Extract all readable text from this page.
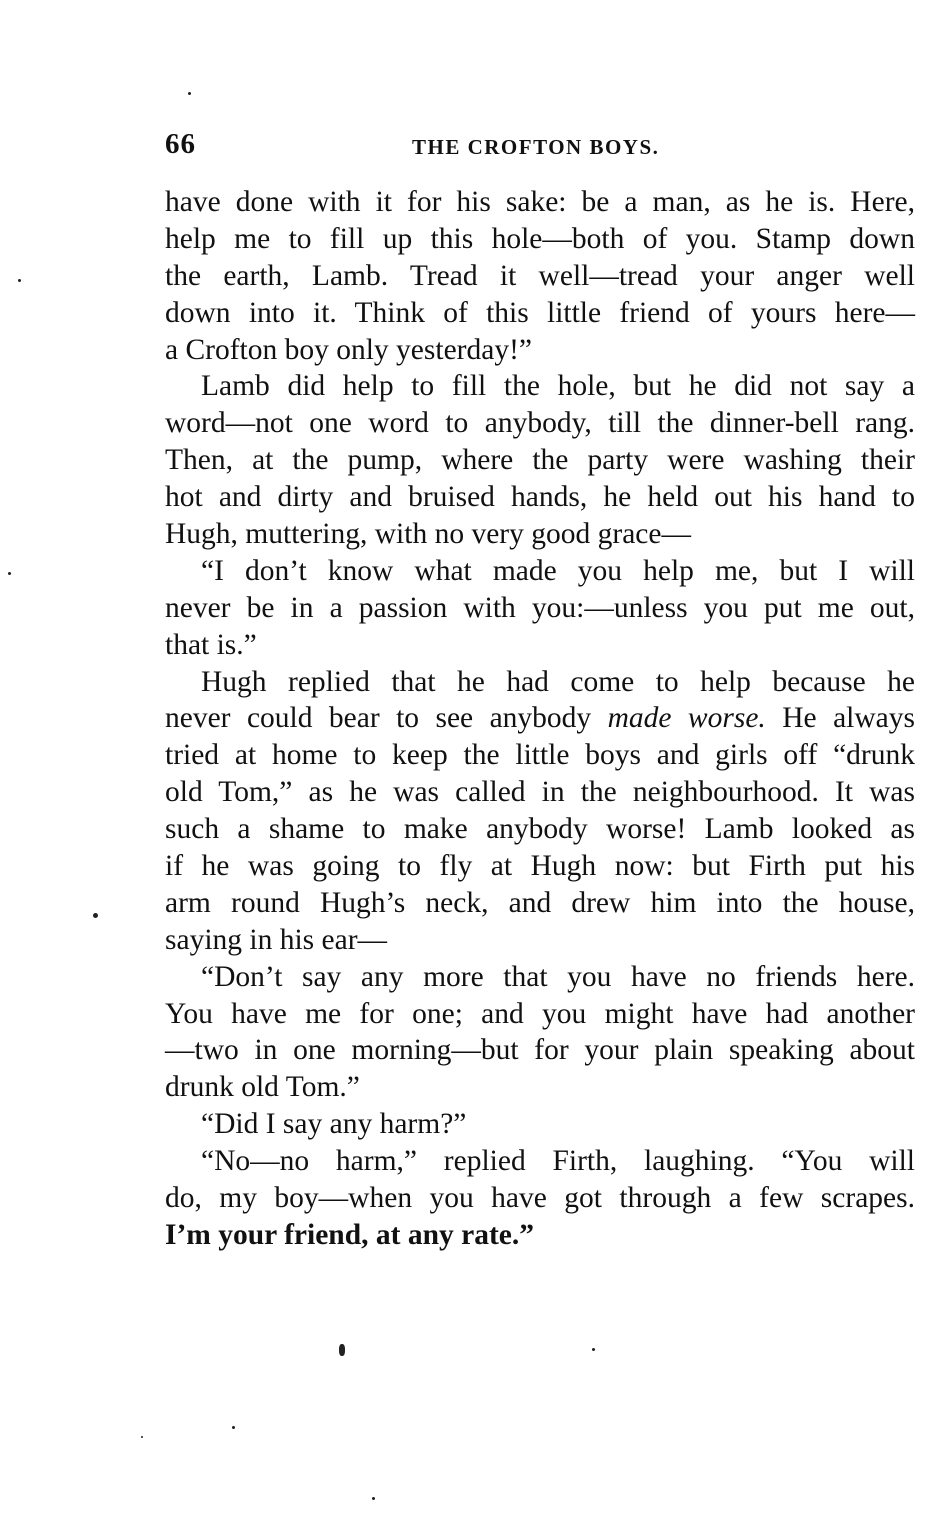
66	THE CROFTON BOYS.
have done with it for his sake: be a man, as he is. Here,
help me to fill up this hole—both of you. Stamp down
the earth, Lamb. Tread it well—tread your anger well
down into it. Think of this little friend of yours here—
a Crofton boy only yesterday!”
Lamb did help to fill the hole, but he did not say a
word—not one word to anybody, till the dinner-bell rang.
Then, at the pump, where the party were washing their
hot and dirty and bruised hands, he held out his hand to
Hugh, muttering, with no very good grace—
“I don’t know what made you help me, but I will
never be in a passion with you:—unless you put me out,
that is.”
Hugh replied that he had come to help because he
never could bear to see anybody made worse. He always
tried at home to keep the little boys and girls off “drunk
old Tom,” as he was called in the neighbourhood. It was
such a shame to make anybody worse! Lamb looked as
if he was going to fly at Hugh now: but Firth put his
arm round Hugh’s neck, and drew him into the house,
saying in his ear—
“Don’t say any more that you have no friends here.
You have me for one; and you might have had another
—two in one morning—but for your plain speaking about
drunk old Tom.”
“Did I say any harm?”
“No—no harm,” replied Firth, laughing. “You will
do, my boy—when you have got through a few scrapes.
I’m your friend, at any rate.”
